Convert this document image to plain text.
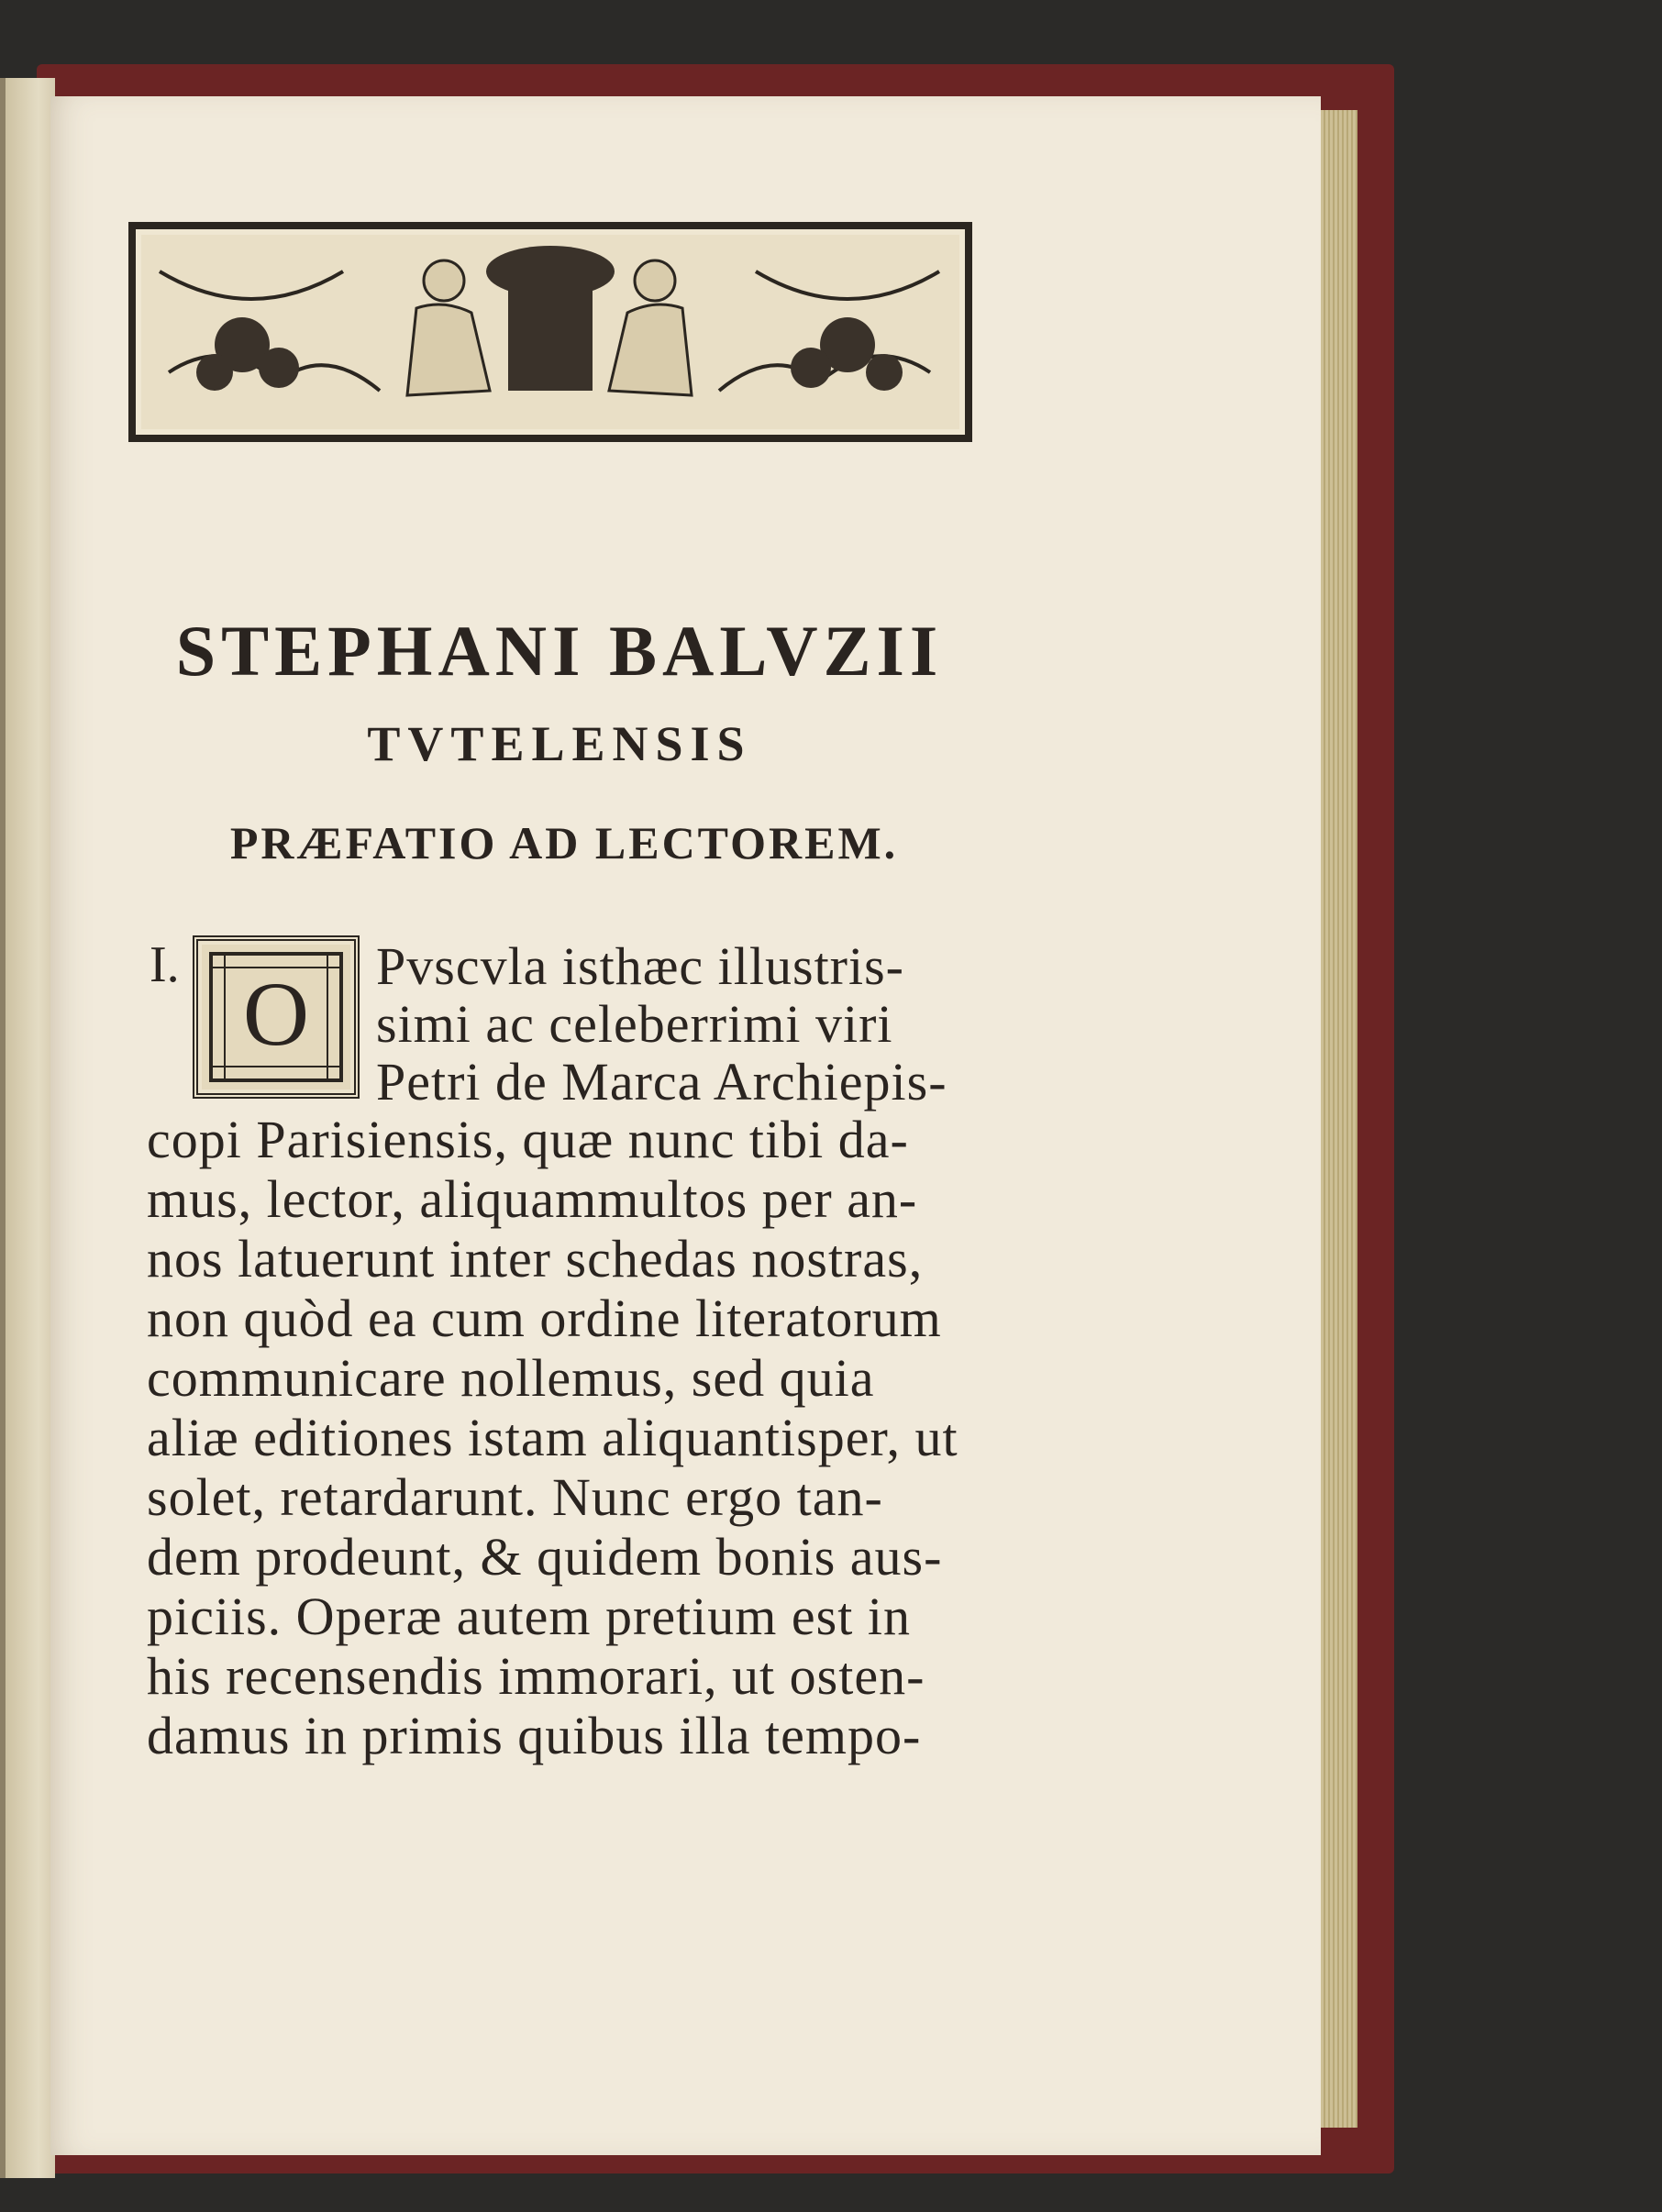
STEPHANI BALVZII
TVTELENSIS
PRÆFATIO AD LECTOREM.
I. O	Pvscvla isthæc illustris-

simi ac celeberrimi viri

Petri de Marca Archiepis-

copi Parisiensis, quæ nunc tibi da-

mus, lector, aliquammultos per an-

nos latuerunt inter schedas nostras,

non quòd ea cum ordine literatorum

communicare nollemus, sed quia

aliæ editiones istam aliquantisper, ut

solet, retardarunt. Nunc ergo tan-

dem prodeunt, & quidem bonis aus-

piciis. Operæ autem pretium est in

his recensendis immorari, ut osten-

damus in primis quibus illa tempo-
